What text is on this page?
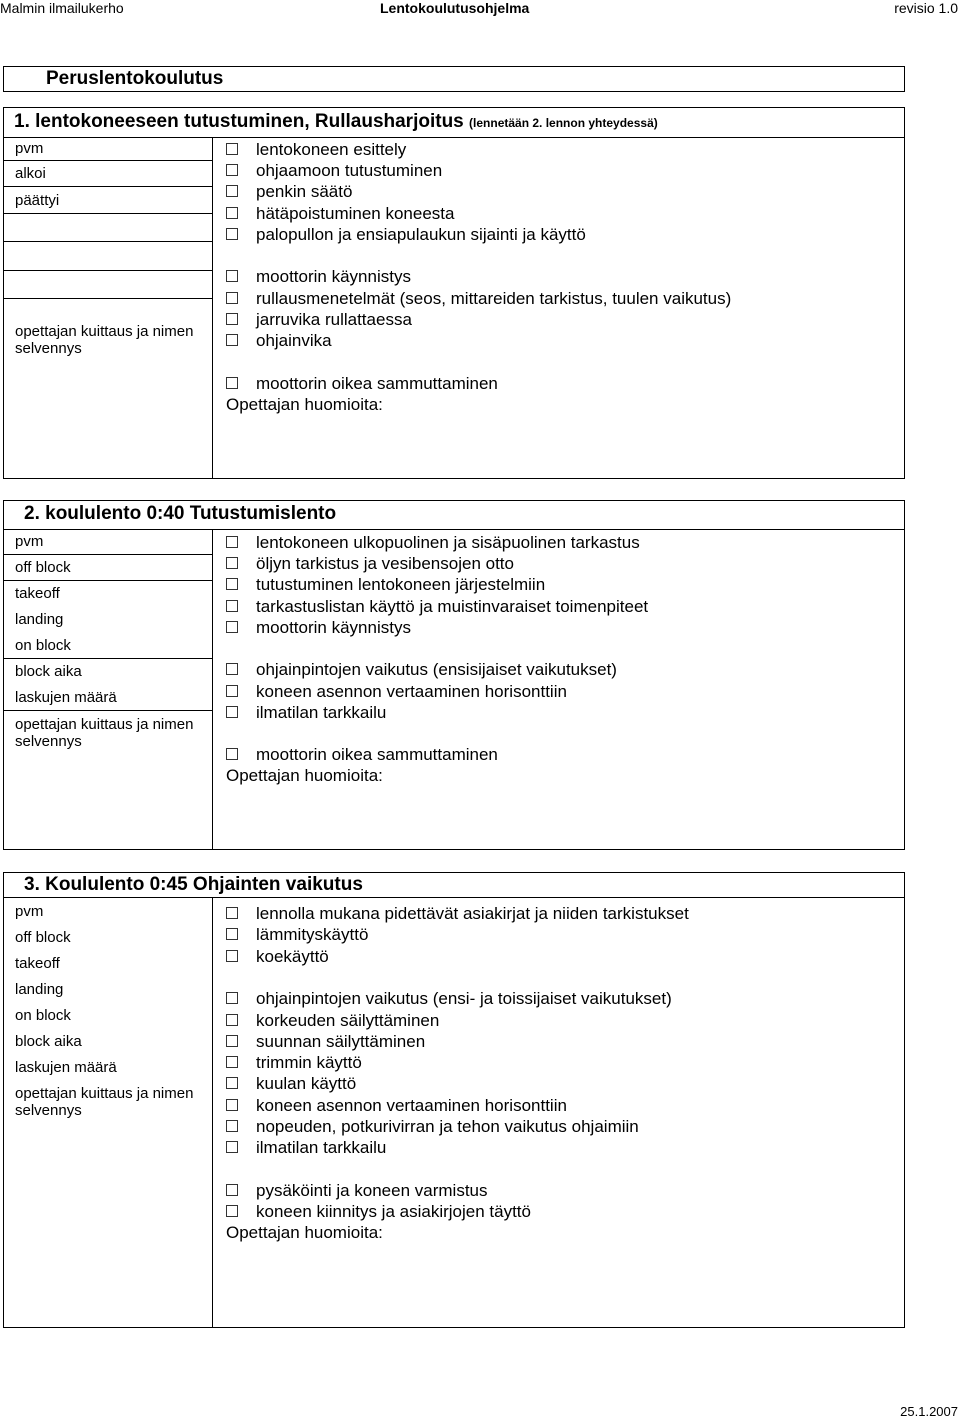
Malmin ilmailukerho	Lentokoulutusohjelma	revisio 1.0
Peruslentokoulutus
1. lentokoneeseen tutustuminen, Rullausharjoitus (lennetään 2. lennon yhteydessä)
pvm
alkoi
päättyi
opettajan kuittaus ja nimen selvennys
lentokoneen esittely
ohjaamoon tutustuminen
penkin säätö
hätäpoistuminen koneesta
palopullon ja ensiapulaukun sijainti ja käyttö
moottorin käynnistys
rullausmenetelmät (seos, mittareiden tarkistus, tuulen vaikutus)
jarruvika rullattaessa
ohjainvika
moottorin oikea sammuttaminen
Opettajan huomioita:
2. koululento 0:40 Tutustumislento
pvm
off block
takeoff
landing
on block
block aika
laskujen määrä
opettajan kuittaus ja nimen selvennys
lentokoneen ulkopuolinen ja sisäpuolinen tarkastus
öljyn tarkistus ja vesibensojen otto
tutustuminen lentokoneen järjestelmiin
tarkastuslistan käyttö ja muistinvaraiset toimenpiteet
moottorin käynnistys
ohjainpintojen vaikutus (ensisijaiset vaikutukset)
koneen asennon vertaaminen horisonttiin
ilmatilan tarkkailu
moottorin oikea sammuttaminen
Opettajan huomioita:
3. Koululento 0:45 Ohjainten vaikutus
pvm
off block
takeoff
landing
on block
block aika
laskujen määrä
opettajan kuittaus ja nimen selvennys
lennolla mukana pidettävät asiakirjat ja niiden tarkistukset
lämmityskäyttö
koekäyttö
ohjainpintojen vaikutus (ensi- ja toissijaiset vaikutukset)
korkeuden säilyttäminen
suunnan säilyttäminen
trimmin käyttö
kuulan käyttö
koneen asennon vertaaminen horisonttiin
nopeuden, potkurivirran ja tehon vaikutus ohjaimiin
ilmatilan tarkkailu
pysäköinti ja koneen varmistus
koneen kiinnitys ja asiakirjojen täyttö
Opettajan huomioita:
25.1.2007
